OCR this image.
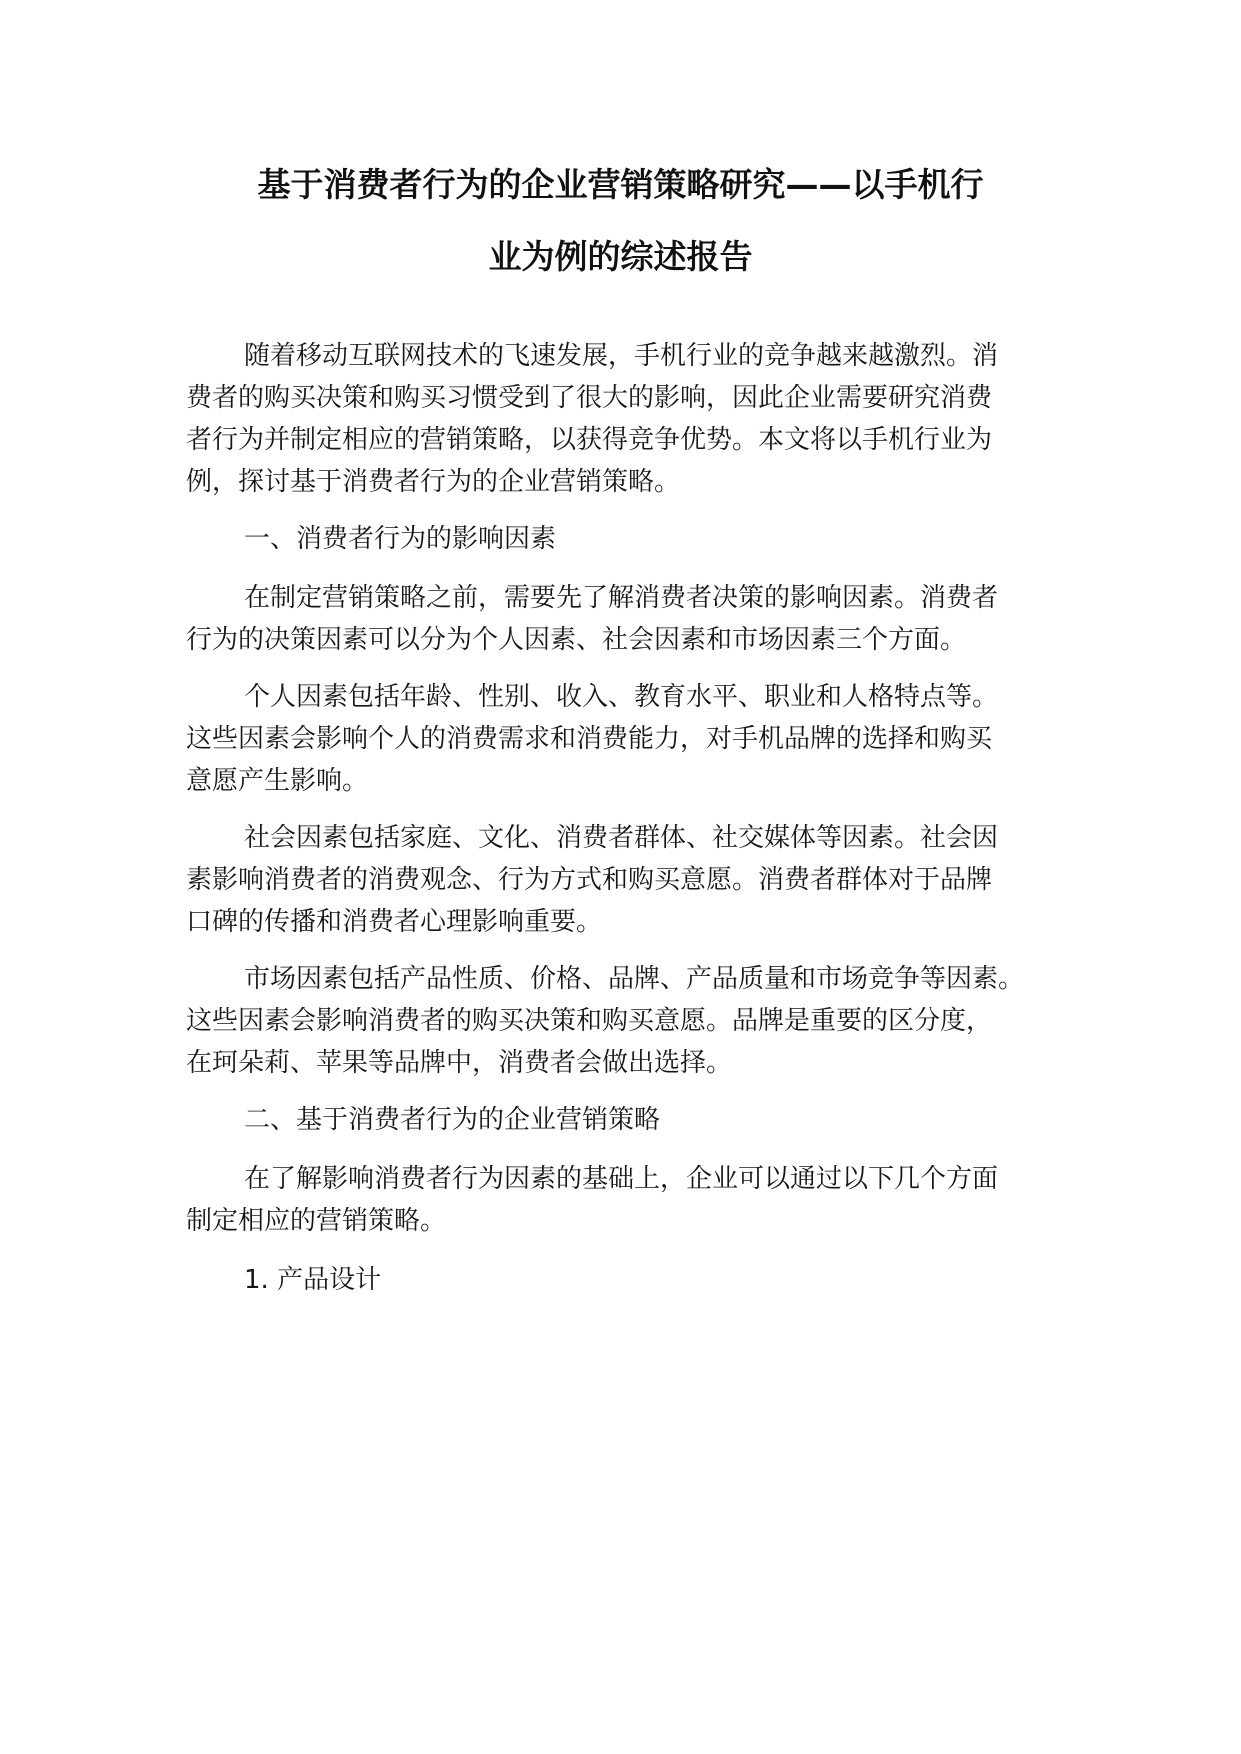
基于消费者行为的企业营销策略研究——以手机行
业为例的综述报告
随着移动互联网技术的飞速发展，手机行业的竞争越来越激烈。消
费者的购买决策和购买习惯受到了很大的影响，因此企业需要研究消费
者行为并制定相应的营销策略，以获得竞争优势。本文将以手机行业为
例，探讨基于消费者行为的企业营销策略。
一、消费者行为的影响因素
在制定营销策略之前，需要先了解消费者决策的影响因素。消费者
行为的决策因素可以分为个人因素、社会因素和市场因素三个方面。
个人因素包括年龄、性别、收入、教育水平、职业和人格特点等。
这些因素会影响个人的消费需求和消费能力，对手机品牌的选择和购买
意愿产生影响。
社会因素包括家庭、文化、消费者群体、社交媒体等因素。社会因
素影响消费者的消费观念、行为方式和购买意愿。消费者群体对于品牌
口碑的传播和消费者心理影响重要。
市场因素包括产品性质、价格、品牌、产品质量和市场竞争等因素。
这些因素会影响消费者的购买决策和购买意愿。品牌是重要的区分度，
在珂朵莉、苹果等品牌中，消费者会做出选择。
二、基于消费者行为的企业营销策略
在了解影响消费者行为因素的基础上，企业可以通过以下几个方面
制定相应的营销策略。
1. 产品设计
